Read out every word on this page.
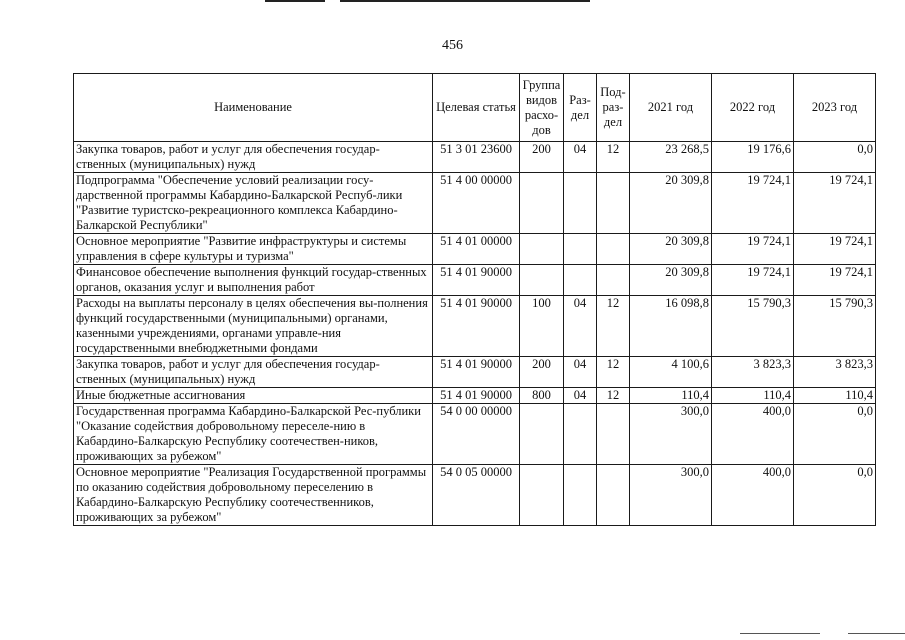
456
Наименование	Целевая статья	Группа видов расхо-дов	Раз-дел	Под-раз-дел	2021 год	2022 год	2023 год
Закупка товаров, работ и услуг для обеспечения государ-ственных (муниципальных) нужд	51 3 01 23600	200	04	12	23 268,5	19 176,6	0,0
Подпрограмма "Обеспечение условий реализации госу-дарственной программы Кабардино-Балкарской Респуб-лики "Развитие туристско-рекреационного комплекса Кабардино-Балкарской Республики"	51 4 00 00000				20 309,8	19 724,1	19 724,1
Основное мероприятие "Развитие инфраструктуры и системы управления в сфере культуры и туризма"	51 4 01 00000				20 309,8	19 724,1	19 724,1
Финансовое обеспечение выполнения функций государ-ственных органов, оказания услуг и выполнения работ	51 4 01 90000				20 309,8	19 724,1	19 724,1
Расходы на выплаты персоналу в целях обеспечения вы-полнения функций государственными (муниципальными) органами, казенными учреждениями, органами управле-ния государственными внебюджетными фондами	51 4 01 90000	100	04	12	16 098,8	15 790,3	15 790,3
Закупка товаров, работ и услуг для обеспечения государ-ственных (муниципальных) нужд	51 4 01 90000	200	04	12	4 100,6	3 823,3	3 823,3
Иные бюджетные ассигнования	51 4 01 90000	800	04	12	110,4	110,4	110,4
Государственная программа Кабардино-Балкарской Рес-публики "Оказание содействия добровольному переселе-нию в Кабардино-Балкарскую Республику соотечествен-ников, проживающих за рубежом"	54 0 00 00000				300,0	400,0	0,0
Основное мероприятие "Реализация Государственной программы по оказанию содействия добровольному переселению в Кабардино-Балкарскую Республику соотечественников, проживающих за рубежом"	54 0 05 00000				300,0	400,0	0,0
